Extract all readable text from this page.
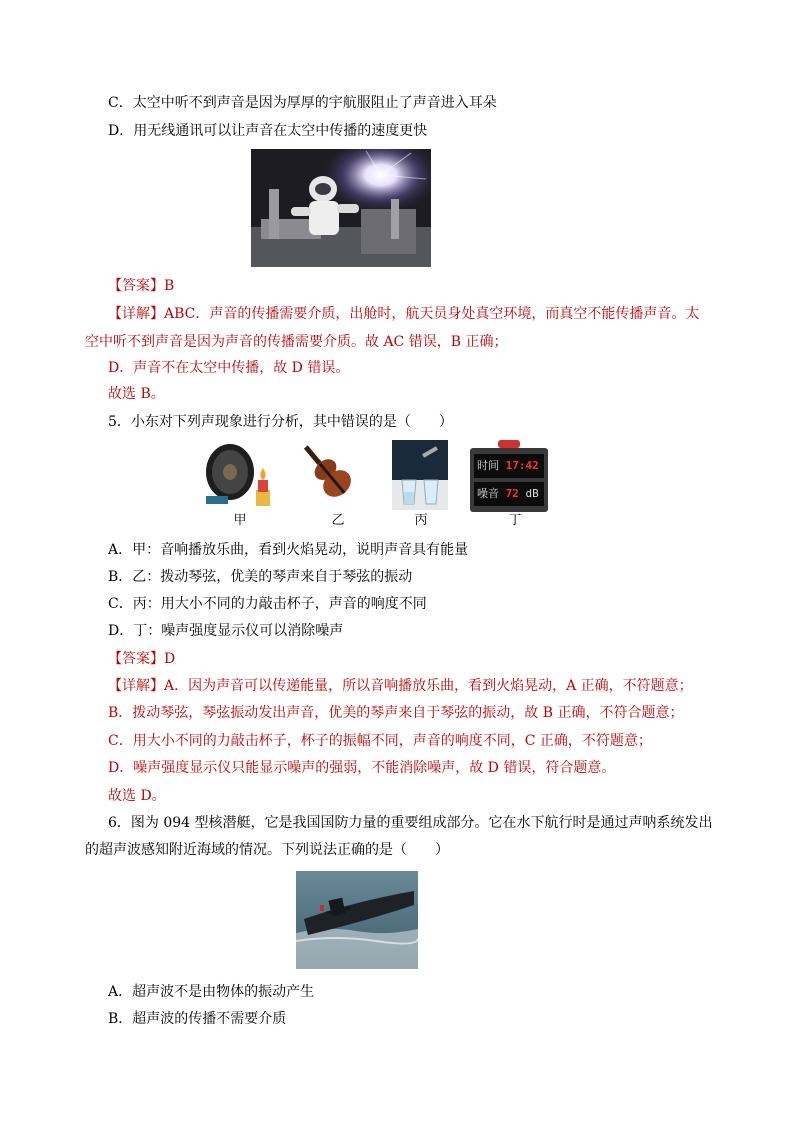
C．太空中听不到声音是因为厚厚的宇航服阻止了声音进入耳朵
D．用无线通讯可以让声音在太空中传播的速度更快
【答案】B
【详解】ABC．声音的传播需要介质，出舱时，航天员身处真空环境，而真空不能传播声音。太
空中听不到声音是因为声音的传播需要介质。故 AC 错误，B 正确；
D．声音不在太空中传播，故 D 错误。
故选 B。
5．小东对下列声现象进行分析，其中错误的是（　　）
甲	乙	丙
时间 17:42
噪音 72 dB
丁
A．甲：音响播放乐曲，看到火焰晃动，说明声音具有能量
B．乙：拨动琴弦，优美的琴声来自于琴弦的振动
C．丙：用大小不同的力敲击杯子，声音的响度不同
D．丁：噪声强度显示仪可以消除噪声
【答案】D
【详解】A．因为声音可以传递能量，所以音响播放乐曲，看到火焰晃动，A 正确，不符题意；
B．拨动琴弦，琴弦振动发出声音，优美的琴声来自于琴弦的振动，故 B 正确，不符合题意；
C．用大小不同的力敲击杯子，杯子的振幅不同，声音的响度不同，C 正确，不符题意；
D．噪声强度显示仪只能显示噪声的强弱，不能消除噪声，故 D 错误，符合题意。
故选 D。
6．图为 094 型核潜艇，它是我国国防力量的重要组成部分。它在水下航行时是通过声呐系统发出
的超声波感知附近海域的情况。下列说法正确的是（　　）
A．超声波不是由物体的振动产生
B．超声波的传播不需要介质
